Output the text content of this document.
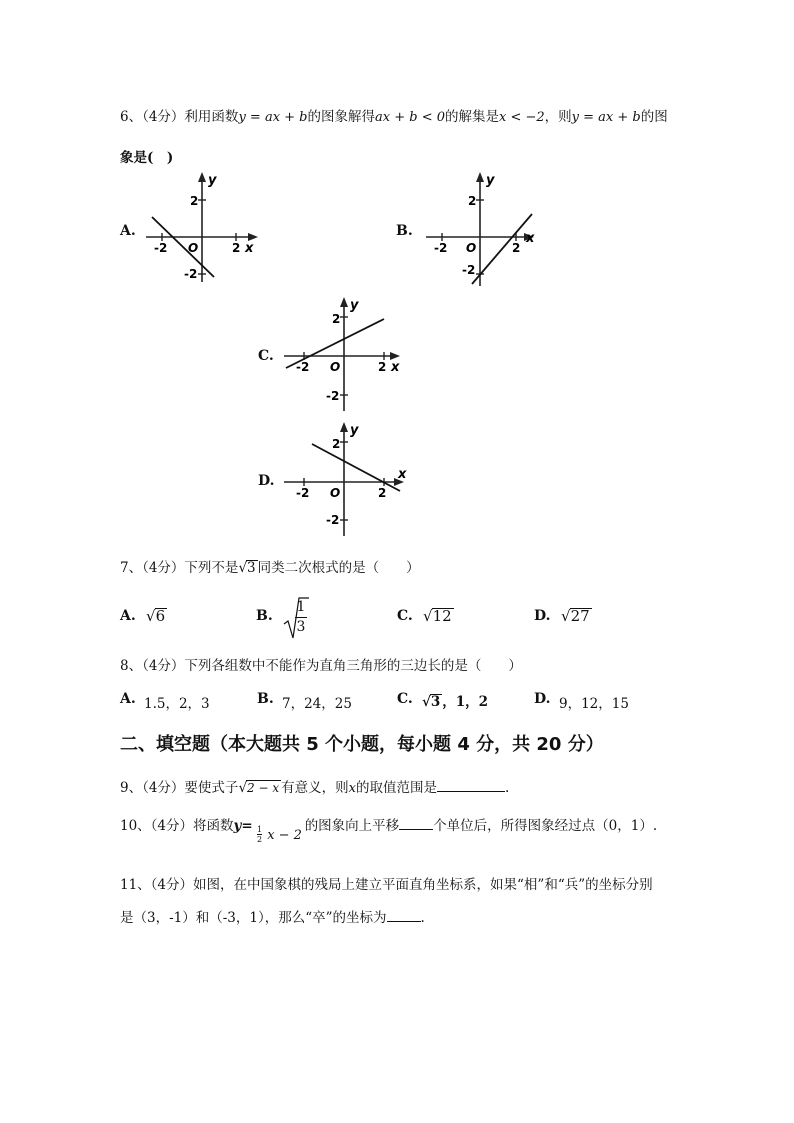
6、（4分）利用函数y = ax + b的图象解得ax + b < 0的解集是x < −2，则y = ax + b的图
象是(　)
A.
y
2
-2 O	2 x
-2
B.
y
2
-2 O	2
x
-2
C.
y
2
-2 O	2 x
-2
D.
y
2
-2 O	2
x
-2
7、（4分）下列不是√3 同类二次根式的是（　　）
A. √6	B.
1
3
C. √12	D. √27
8、（4分）下列各组数中不能作为直角三角形的三边长的是（　　）
A. 1.5，2，3	B. 7，24，25	C. √3 ，1，2	D. 9，12，15
二、填空题（本大题共 5 个小题，每小题 4 分，共 20 分）
9、（4分）要使式子√2 − x 有意义，则x的取值范围是	.
10、（4分）将函数y=	的图象向上平移	个单位后，所得图象经过点（0，1）.
$\frac{1}{2}$ x − 2
11、（4分）如图，在中国象棋的残局上建立平面直角坐标系，如果“相”和“兵”的坐标分别
是（3，-1）和（-3，1），那么“卒”的坐标为	.
